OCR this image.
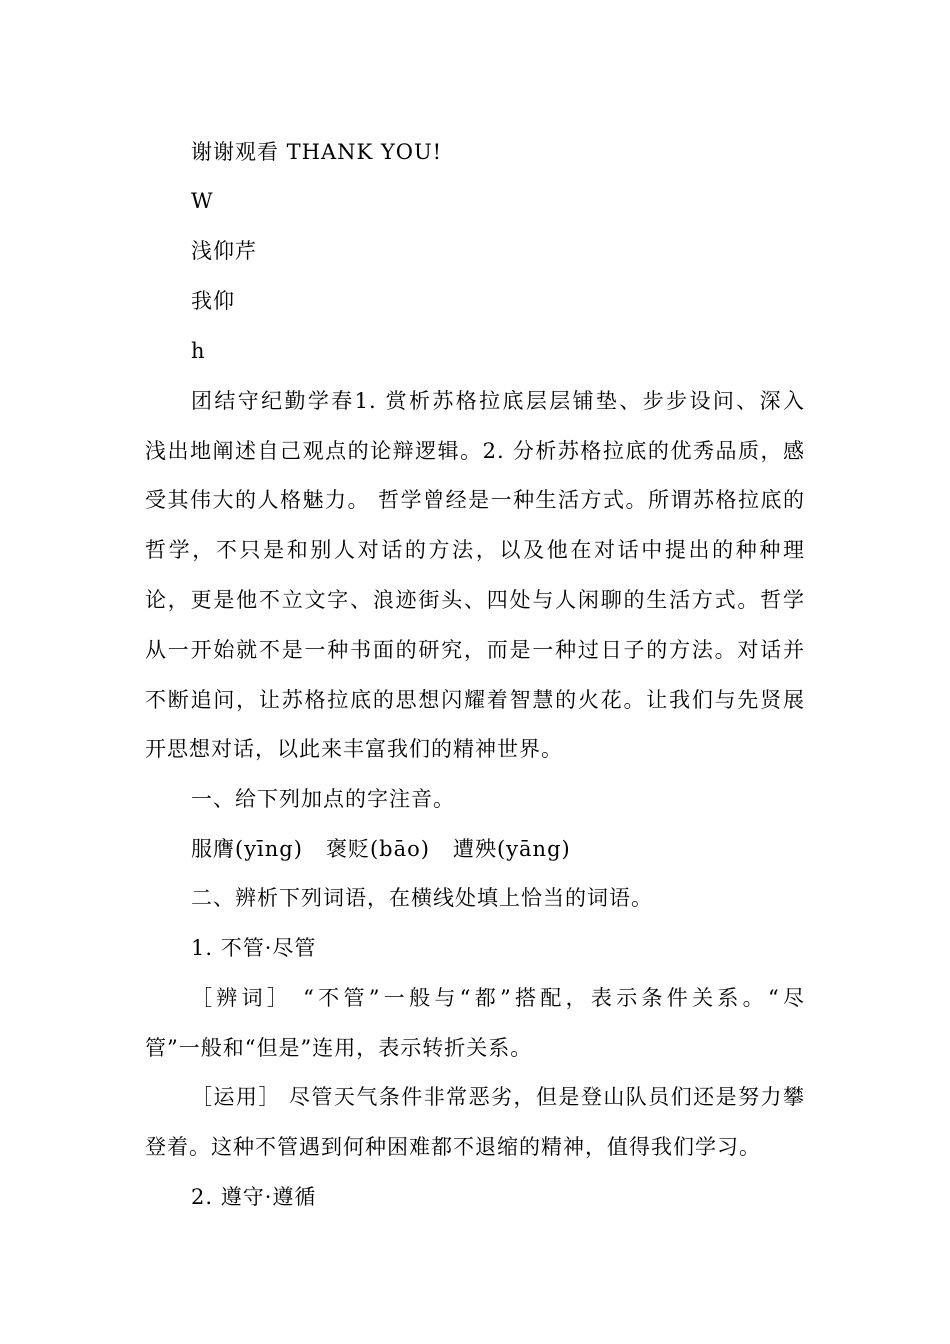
谢谢观看 THANK YOU!
W
浅仰芹
我仰
h
团结守纪勤学春1. 赏析苏格拉底层层铺垫、步步设问、深入
浅出地阐述自己观点的论辩逻辑。2. 分析苏格拉底的优秀品质，感
受其伟大的人格魅力。 哲学曾经是一种生活方式。所谓苏格拉底的
哲学，不只是和别人对话的方法，以及他在对话中提出的种种理
论，更是他不立文字、浪迹街头、四处与人闲聊的生活方式。哲学
从一开始就不是一种书面的研究，而是一种过日子的方法。对话并
不断追问，让苏格拉底的思想闪耀着智慧的火花。让我们与先贤展
开思想对话，以此来丰富我们的精神世界。
一、给下列加点的字注音。
服膺(yīng)   褒贬(bāo)   遭殃(yāng)
二、辨析下列词语，在横线处填上恰当的词语。
1. 不管·尽管
［辨词］ “不管”一般与“都”搭配，表示条件关系。“尽
管”一般和“但是”连用，表示转折关系。
［运用］ 尽管天气条件非常恶劣，但是登山队员们还是努力攀
登着。这种不管遇到何种困难都不退缩的精神，值得我们学习。
2. 遵守·遵循
